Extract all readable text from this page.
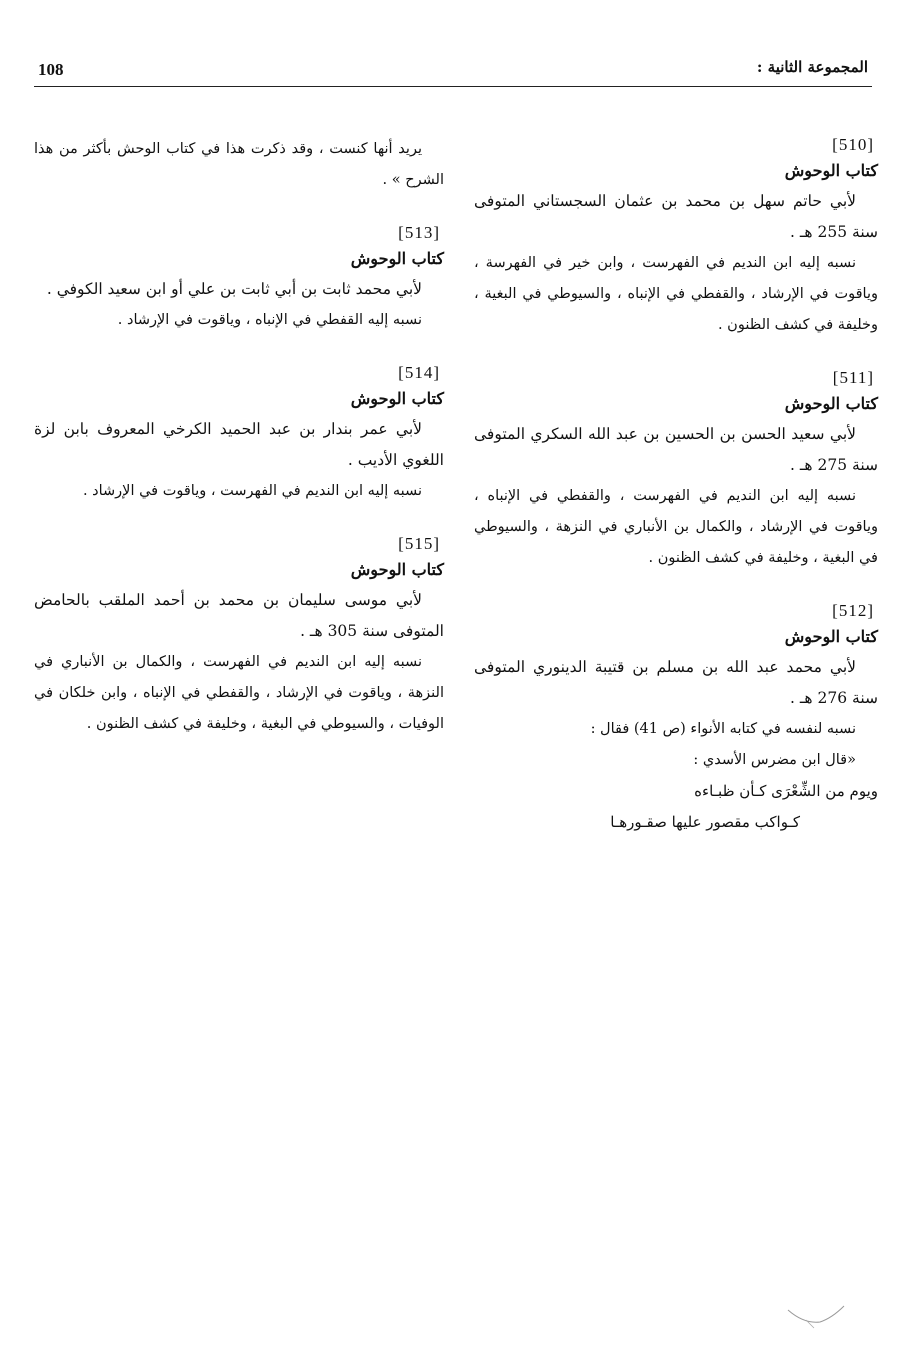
108	المجموعة الثانية :
[510]
كتاب الوحوش
لأبي حاتم سهل بن محمد بن عثمان السجستاني المتوفى سنة 255 هـ .
نسبه إليه ابن النديم في الفهرست ، وابن خير في الفهرسة ، وياقوت في الإرشاد ، والقفطي في الإنباه ، والسيوطي في البغية ، وخليفة في كشف الظنون .
[511]
كتاب الوحوش
لأبي سعيد الحسن بن الحسين بن عبد الله السكري المتوفى سنة 275 هـ .
نسبه إليه ابن النديم في الفهرست ، والقفطي في الإنباه ، وياقوت في الإرشاد ، والكمال بن الأنباري في النزهة ، والسيوطي في البغية ، وخليفة في كشف الظنون .
[512]
كتاب الوحوش
لأبي محمد عبد الله بن مسلم بن قتيبة الدينوري المتوفى سنة 276 هـ .
نسبه لنفسه في كتابه الأنواء (ص 41) فقال :
«قال ابن مضرس الأسدي :
ويوم من الشِّعْرَى كـأن ظبـاءه
كـواكب مقصور عليها صقـورهـا
يريد أنها كنست ، وقد ذكرت هذا في كتاب الوحش بأكثر من هذا الشرح » .
[513]
كتاب الوحوش
لأبي محمد ثابت بن أبي ثابت بن علي أو ابن سعيد الكوفي .
نسبه إليه القفطي في الإنباه ، وياقوت في الإرشاد .
[514]
كتاب الوحوش
لأبي عمر بندار بن عبد الحميد الكرخي المعروف بابن لزة اللغوي الأديب .
نسبه إليه ابن النديم في الفهرست ، وياقوت في الإرشاد .
[515]
كتاب الوحوش
لأبي موسى سليمان بن محمد بن أحمد الملقب بالحامض المتوفى سنة 305 هـ .
نسبه إليه ابن النديم في الفهرست ، والكمال بن الأنباري في النزهة ، وياقوت في الإرشاد ، والقفطي في الإنباه ، وابن خلكان في الوفيات ، والسيوطي في البغية ، وخليفة في كشف الظنون .
